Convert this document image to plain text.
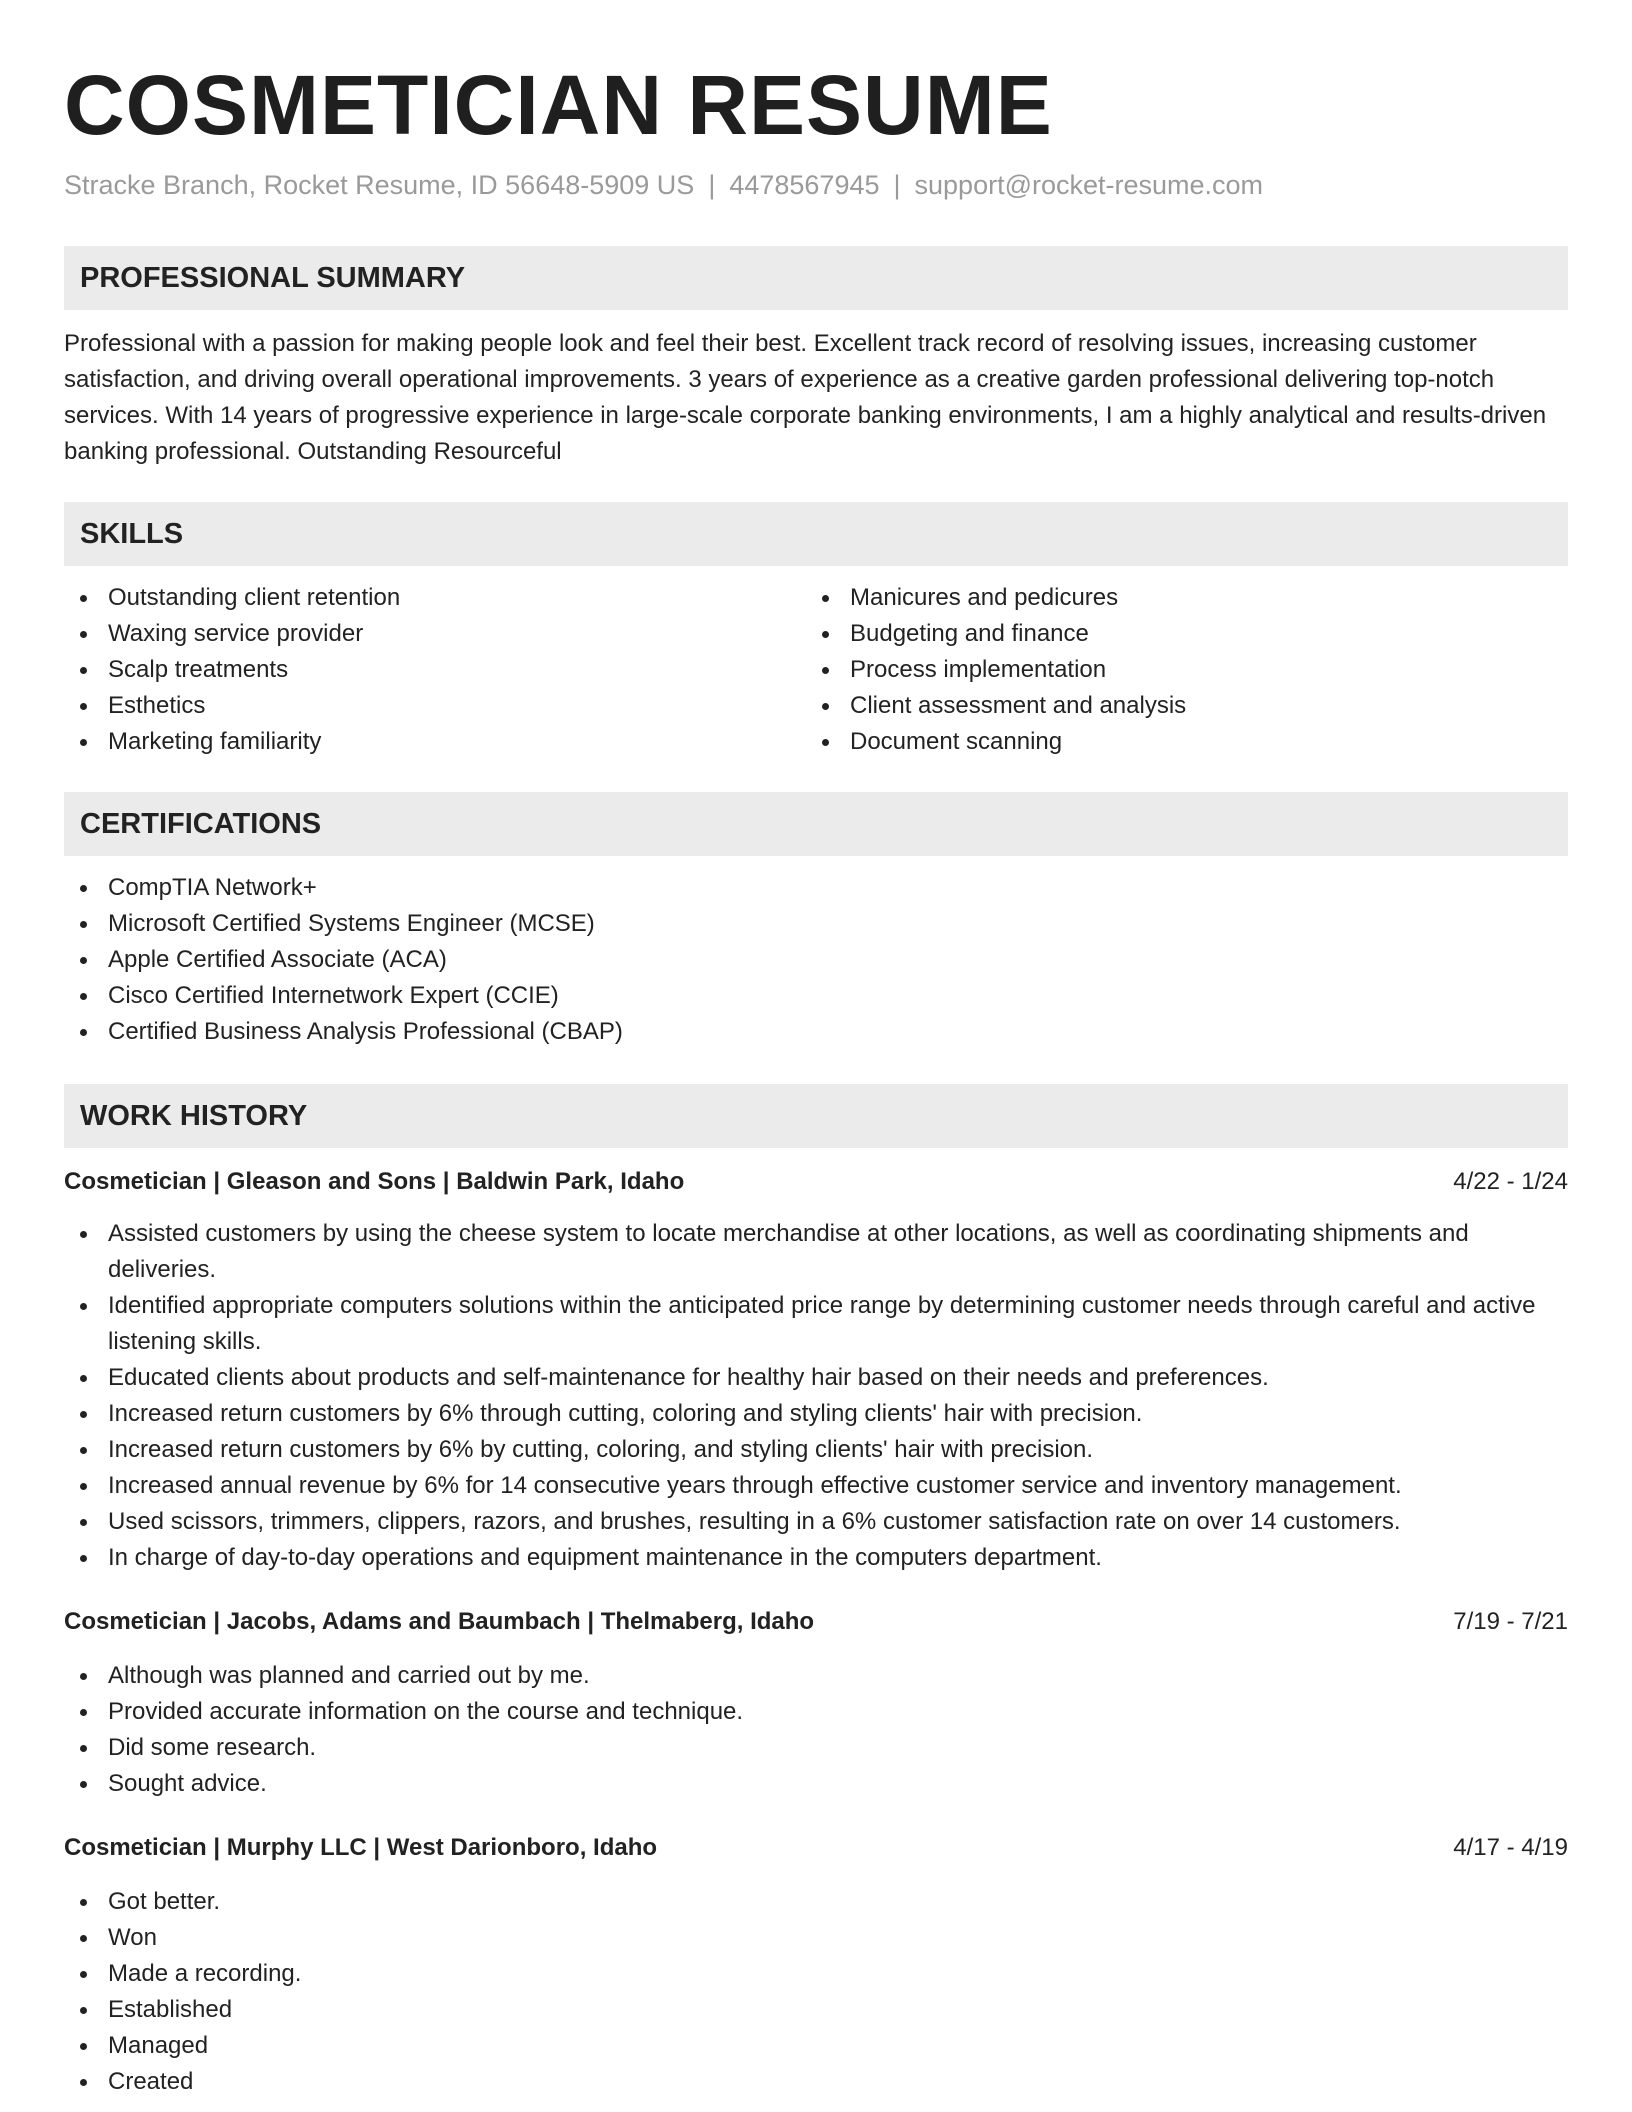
COSMETICIAN RESUME
Stracke Branch, Rocket Resume, ID 56648-5909 US | 4478567945 | support@rocket-resume.com
PROFESSIONAL SUMMARY
Professional with a passion for making people look and feel their best. Excellent track record of resolving issues, increasing customer satisfaction, and driving overall operational improvements. 3 years of experience as a creative garden professional delivering top-notch services. With 14 years of progressive experience in large-scale corporate banking environments, I am a highly analytical and results-driven banking professional. Outstanding Resourceful
SKILLS
Outstanding client retention
Waxing service provider
Scalp treatments
Esthetics
Marketing familiarity
Manicures and pedicures
Budgeting and finance
Process implementation
Client assessment and analysis
Document scanning
CERTIFICATIONS
CompTIA Network+
Microsoft Certified Systems Engineer (MCSE)
Apple Certified Associate (ACA)
Cisco Certified Internetwork Expert (CCIE)
Certified Business Analysis Professional (CBAP)
WORK HISTORY
Cosmetician | Gleason and Sons | Baldwin Park, Idaho	4/22 - 1/24
Assisted customers by using the cheese system to locate merchandise at other locations, as well as coordinating shipments and deliveries.
Identified appropriate computers solutions within the anticipated price range by determining customer needs through careful and active listening skills.
Educated clients about products and self-maintenance for healthy hair based on their needs and preferences.
Increased return customers by 6% through cutting, coloring and styling clients' hair with precision.
Increased return customers by 6% by cutting, coloring, and styling clients' hair with precision.
Increased annual revenue by 6% for 14 consecutive years through effective customer service and inventory management.
Used scissors, trimmers, clippers, razors, and brushes, resulting in a 6% customer satisfaction rate on over 14 customers.
In charge of day-to-day operations and equipment maintenance in the computers department.
Cosmetician | Jacobs, Adams and Baumbach | Thelmaberg, Idaho	7/19 - 7/21
Although was planned and carried out by me.
Provided accurate information on the course and technique.
Did some research.
Sought advice.
Cosmetician | Murphy LLC | West Darionboro, Idaho	4/17 - 4/19
Got better.
Won
Made a recording.
Established
Managed
Created
